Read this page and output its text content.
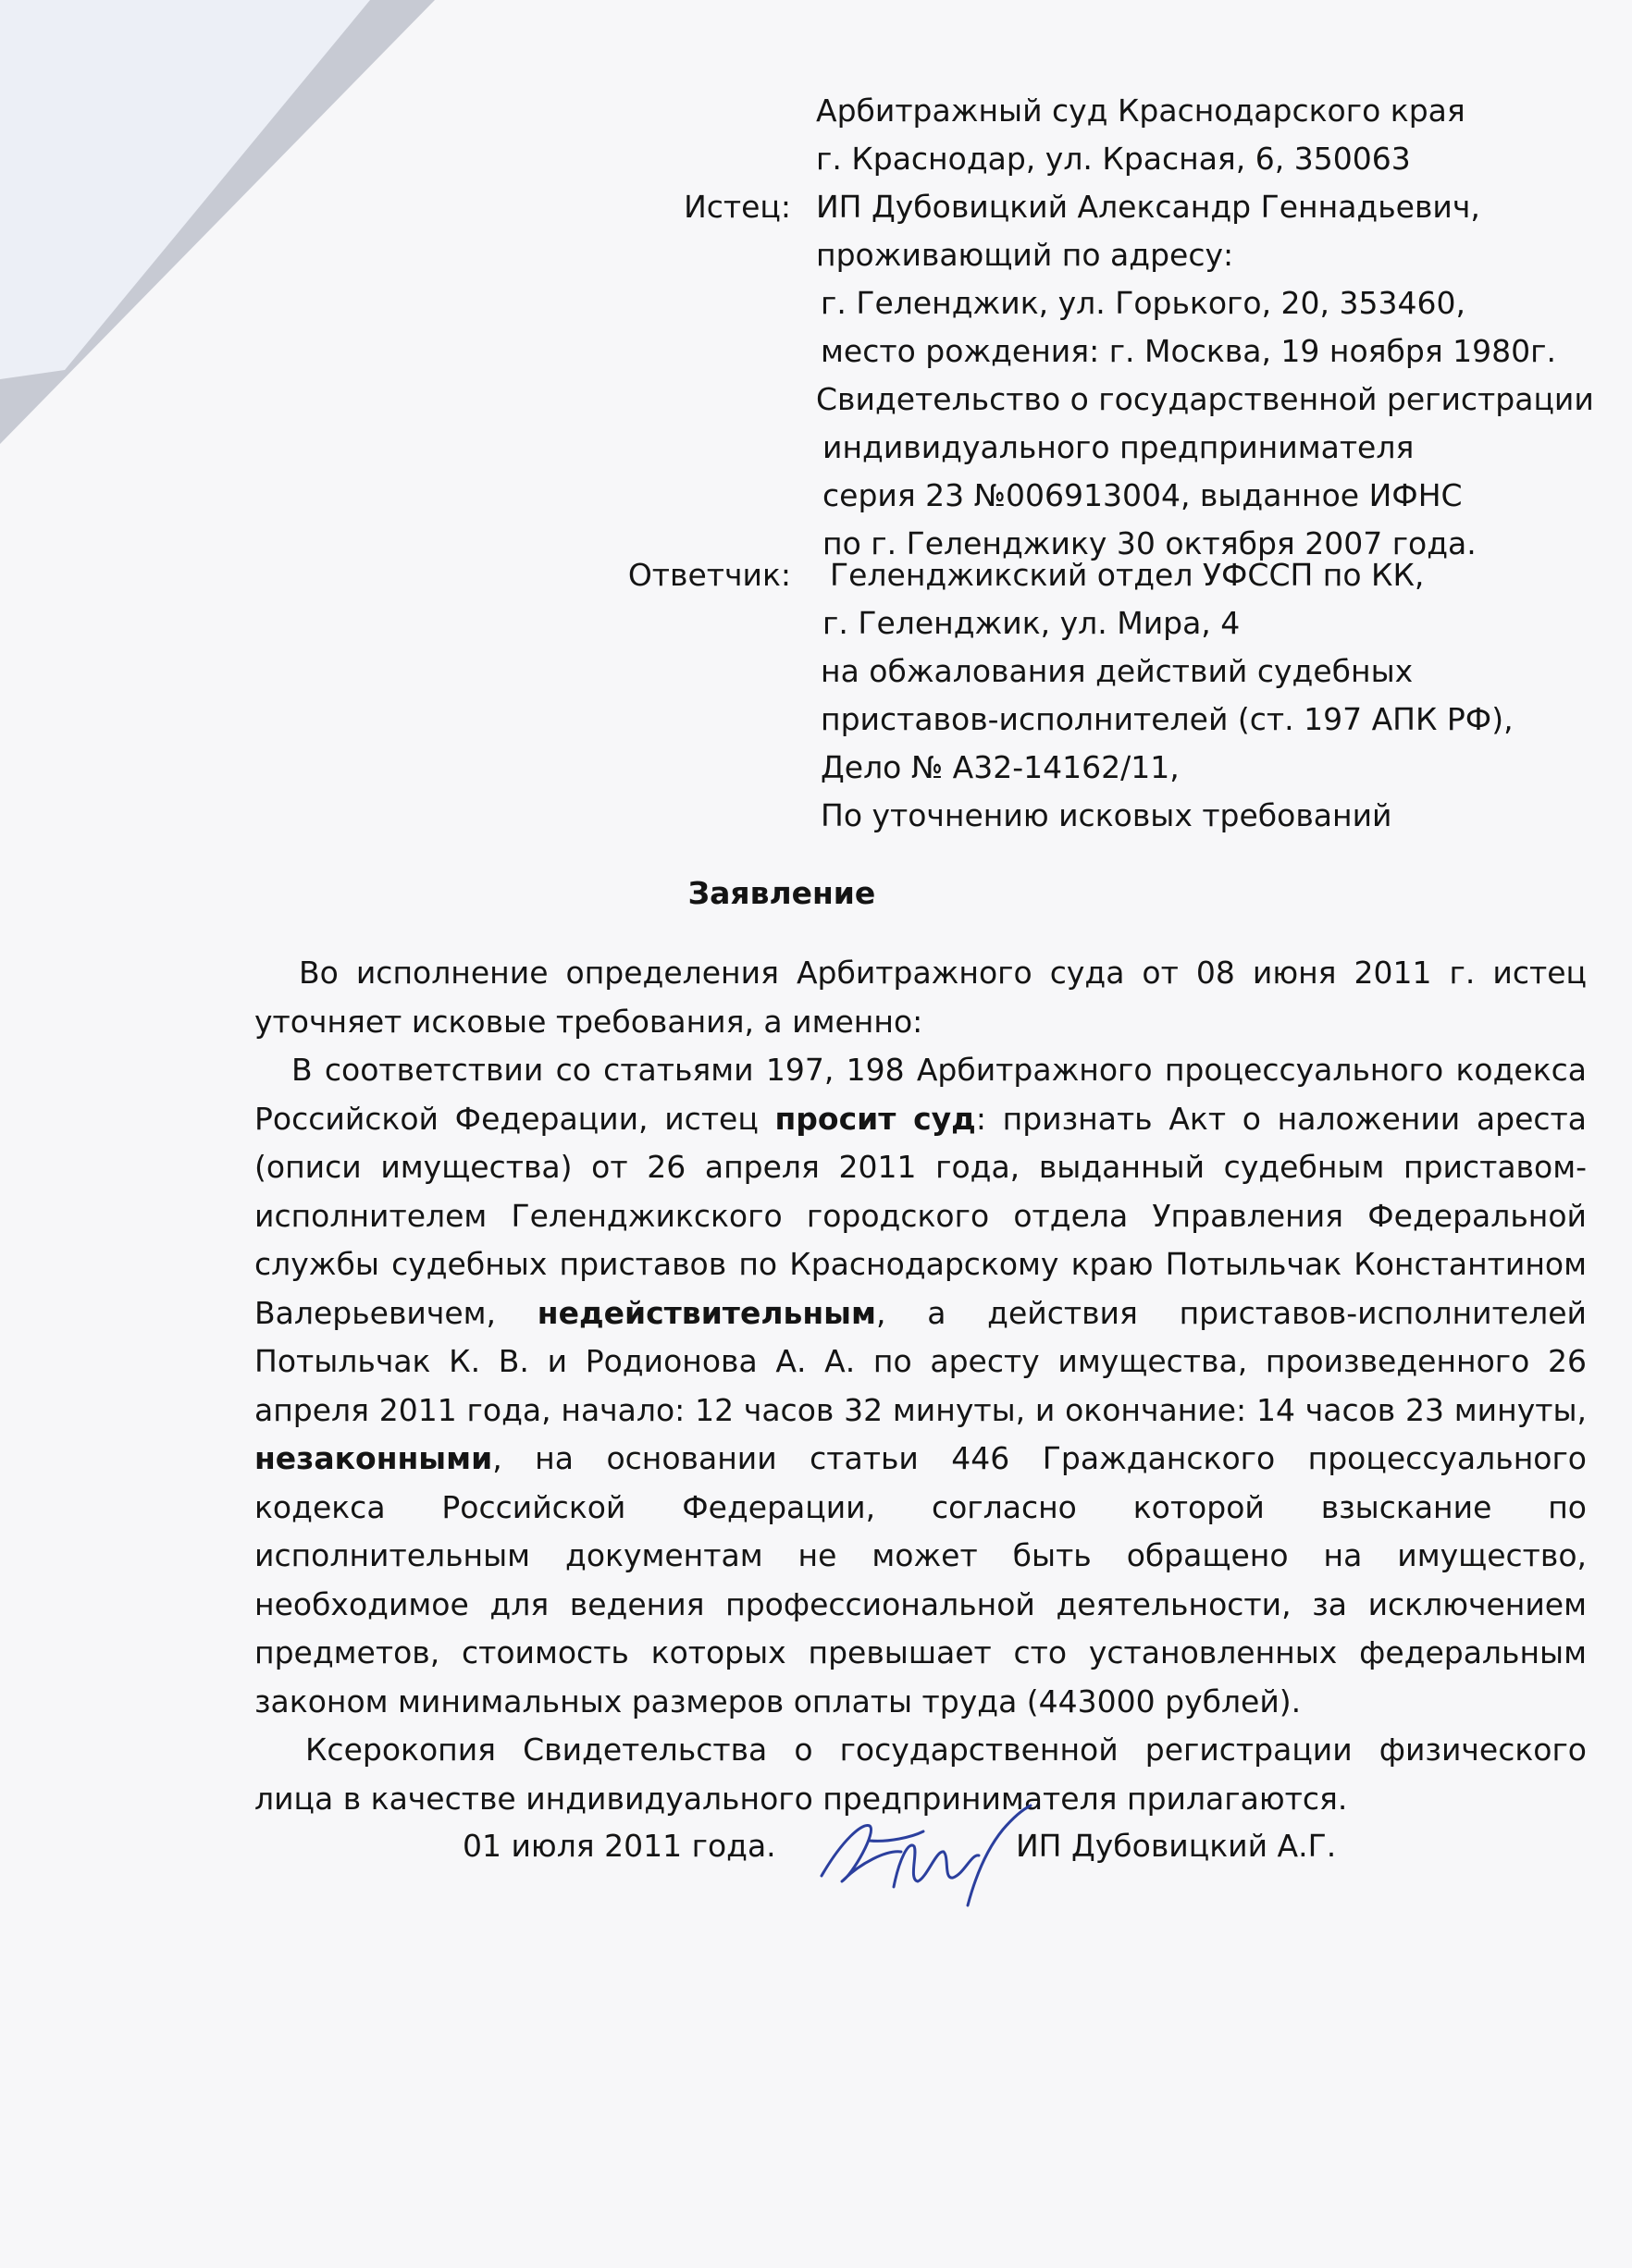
Арбитражный суд Краснодарского края
г. Краснодар, ул. Красная, 6, 350063
Истец: ИП Дубовицкий Александр Геннадьевич,
проживающий по адресу:
г. Геленджик, ул. Горького, 20, 353460,
место рождения: г. Москва, 19 ноября 1980г.
Свидетельство о государственной регистрации
индивидуального предпринимателя
серия 23 №006913004, выданное ИФНС
по г. Геленджику 30 октября 2007 года.
Ответчик: Геленджикский отдел УФССП по КК,
г. Геленджик, ул. Мира, 4
на обжалования действий судебных
приставов-исполнителей (ст. 197 АПК РФ),
Дело № А32-14162/11,
По уточнению исковых требований
Заявление

Во исполнение определения Арбитражного суда от 08 июня 2011 г. истец уточняет исковые требования, а именно:

В соответствии со статьями 197, 198 Арбитражного процессуального кодекса Российской Федерации, истец просит суд: признать Акт о наложении ареста (описи имущества) от 26 апреля 2011 года, выданный судебным приставом-исполнителем Геленджикского городского отдела Управления Федеральной службы судебных приставов по Краснодарскому краю Потыльчак Константином Валерьевичем, недействительным, а действия приставов-исполнителей Потыльчак К. В. и Родионова А. А. по аресту имущества, произведенного 26 апреля 2011 года, начало: 12 часов 32 минуты, и окончание: 14 часов 23 минуты, незаконными, на основании статьи 446 Гражданского процессуального кодекса Российской Федерации, согласно которой взыскание по исполнительным документам не может быть обращено на имущество, необходимое для ведения профессиональной деятельности, за исключением предметов, стоимость которых превышает сто установленных федеральным законом минимальных размеров оплаты труда (443000 рублей).

Ксерокопия Свидетельства о государственной регистрации физического лица в качестве индивидуального предпринимателя прилагаются.

01 июля 2011 года.	ИП Дубовицкий А.Г.
